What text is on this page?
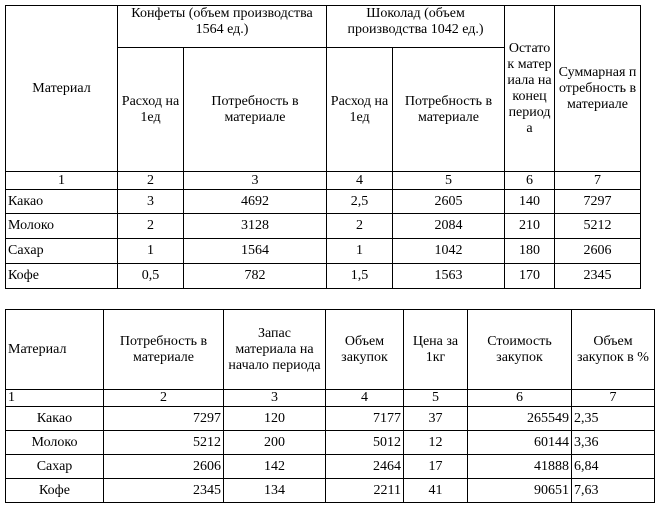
Материал	Конфеты (объем производства 1564 ед.)		Шоколад (объем производства 1042 ед.)		Остаток материала на конец периода	Суммарная потребность в материале
	Расход на 1ед	Потребность в материале	Расход на 1ед	Потребность в материале		
1	2	3	4	5	6	7
Какао	3	4692	2,5	2605	140	7297
Молоко	2	3128	2	2084	210	5212
Сахар	1	1564	1	1042	180	2606
Кофе	0,5	782	1,5	1563	170	2345
Материал	Потребность в материале	Запас материала на начало периода	Объем закупок	Цена за 1кг	Стоимость закупок	Объем закупок в %
1	2	3	4	5	6	7
Какао	7297	120	7177	37	265549	2,35
Молоко	5212	200	5012	12	60144	3,36
Сахар	2606	142	2464	17	41888	6,84
Кофе	2345	134	2211	41	90651	7,63
